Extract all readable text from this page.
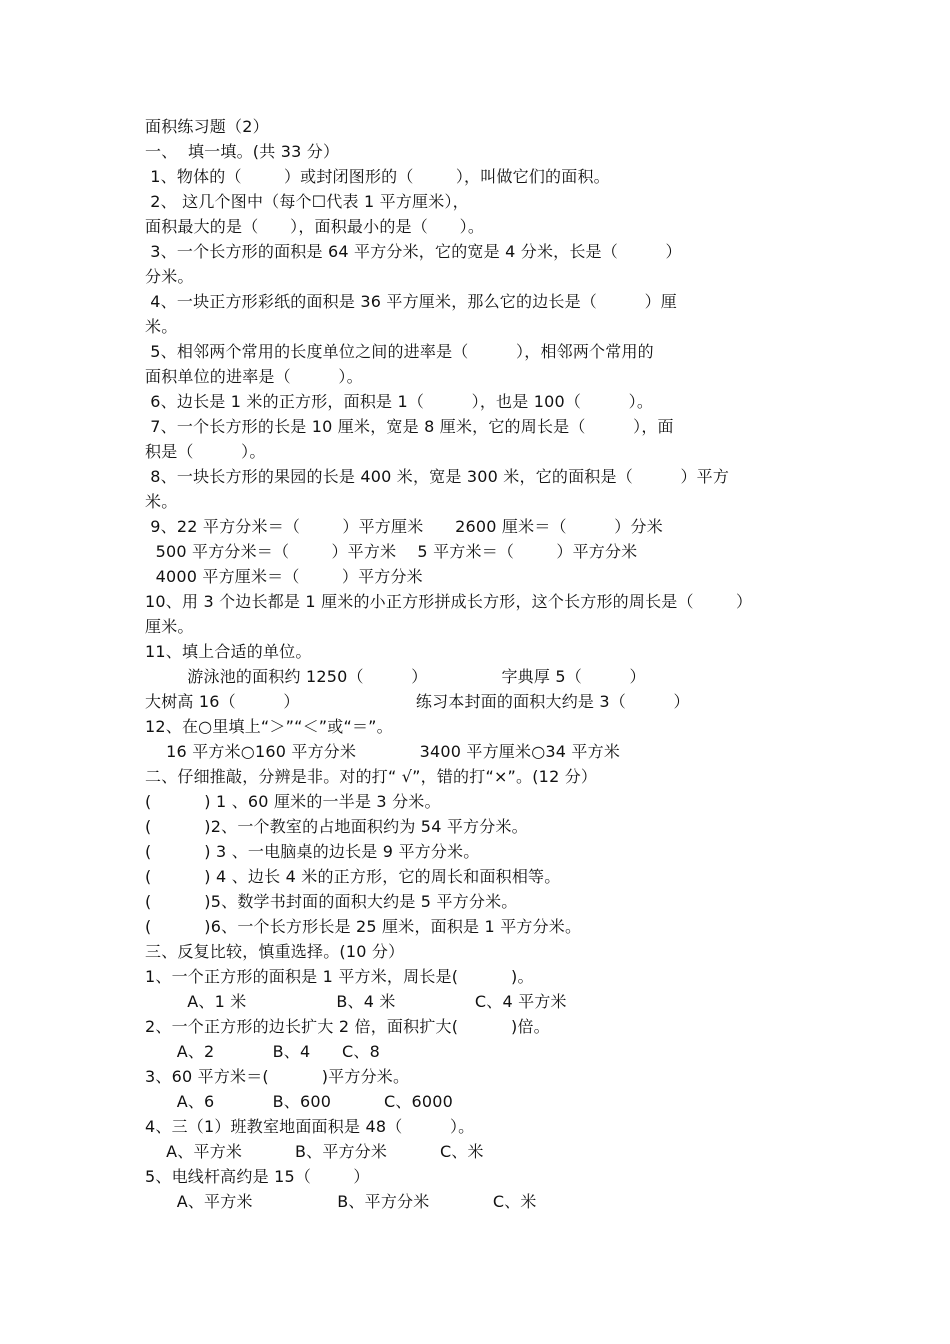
面积练习题（2）
一、  填一填。(共 33 分）
1、物体的（        ）或封闭图形的（        ），叫做它们的面积。
2、 这几个图中（每个☐代表 1 平方厘米），
面积最大的是（      ），面积最小的是（      ）。
3、一个长方形的面积是 64 平方分米，它的宽是 4 分米，长是（         ）
分米。
4、一块正方形彩纸的面积是 36 平方厘米，那么它的边长是（         ）厘
米。
5、相邻两个常用的长度单位之间的进率是（         ），相邻两个常用的
面积单位的进率是（         ）。
6、边长是 1 米的正方形，面积是 1（         ），也是 100（         ）。
7、一个长方形的长是 10 厘米，宽是 8 厘米，它的周长是（         ），面
积是（         ）。
8、一块长方形的果园的长是 400 米，宽是 300 米，它的面积是（         ）平方
米。
9、22 平方分米＝（        ）平方厘米      2600 厘米＝（         ）分米
500 平方分米＝（        ）平方米    5 平方米＝（        ）平方分米
4000 平方厘米＝（        ）平方分米
10、用 3 个边长都是 1 厘米的小正方形拼成长方形，这个长方形的周长是（        ）
厘米。
11、填上合适的单位。
游泳池的面积约 1250（         ）              字典厚 5（         ）
大树高 16（         ）                      练习本封面的面积大约是 3（         ）
12、在○里填上“＞”“＜”或“＝”。
16 平方米○160 平方分米            3400 平方厘米○34 平方米
二、仔细推敲，分辨是非。对的打“ √”，错的打“×”。(12 分）
(          ) 1 、60 厘米的一半是 3 分米。
(          )2、一个教室的占地面积约为 54 平方分米。
(          ) 3 、一电脑桌的边长是 9 平方分米。
(          ) 4 、边长 4 米的正方形，它的周长和面积相等。
(          )5、数学书封面的面积大约是 5 平方分米。
(          )6、一个长方形长是 25 厘米，面积是 1 平方分米。
三、反复比较，慎重选择。(10 分）
1、一个正方形的面积是 1 平方米，周长是(          )。
A、1 米                 B、4 米               C、4 平方米
2、一个正方形的边长扩大 2 倍，面积扩大(          )倍。
A、2           B、4      C、8
3、60 平方米＝(          )平方分米。
A、6           B、600          C、6000
4、三（1）班教室地面面积是 48（         ）。
A、平方米          B、平方分米          C、米
5、电线杆高约是 15（        ）
A、平方米                B、平方分米            C、米
